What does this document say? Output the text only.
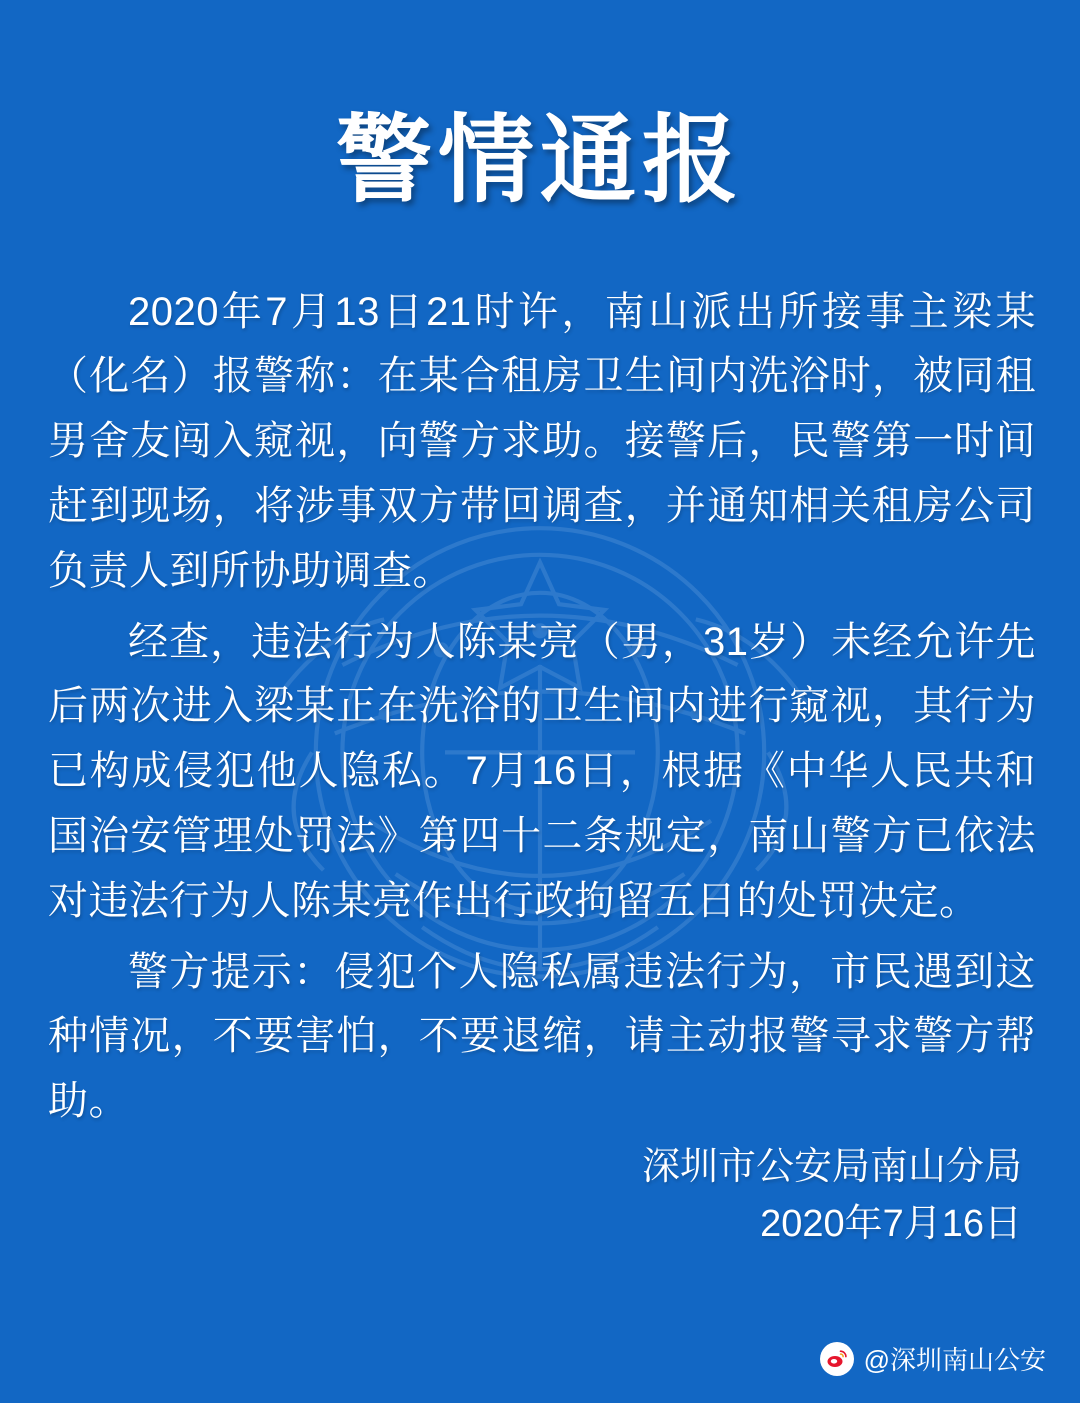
警情通报

2020年7月13日21时许，南山派出所接事主梁某（化名）报警称：在某合租房卫生间内洗浴时，被同租男舍友闯入窥视，向警方求助。接警后，民警第一时间赶到现场，将涉事双方带回调查，并通知相关租房公司负责人到所协助调查。

经查，违法行为人陈某亮（男，31岁）未经允许先后两次进入梁某正在洗浴的卫生间内进行窥视，其行为已构成侵犯他人隐私。7月16日，根据《中华人民共和国治安管理处罚法》第四十二条规定，南山警方已依法对违法行为人陈某亮作出行政拘留五日的处罚决定。

警方提示：侵犯个人隐私属违法行为，市民遇到这种情况，不要害怕，不要退缩，请主动报警寻求警方帮助。

深圳市公安局南山分局
2020年7月16日
@深圳南山公安
